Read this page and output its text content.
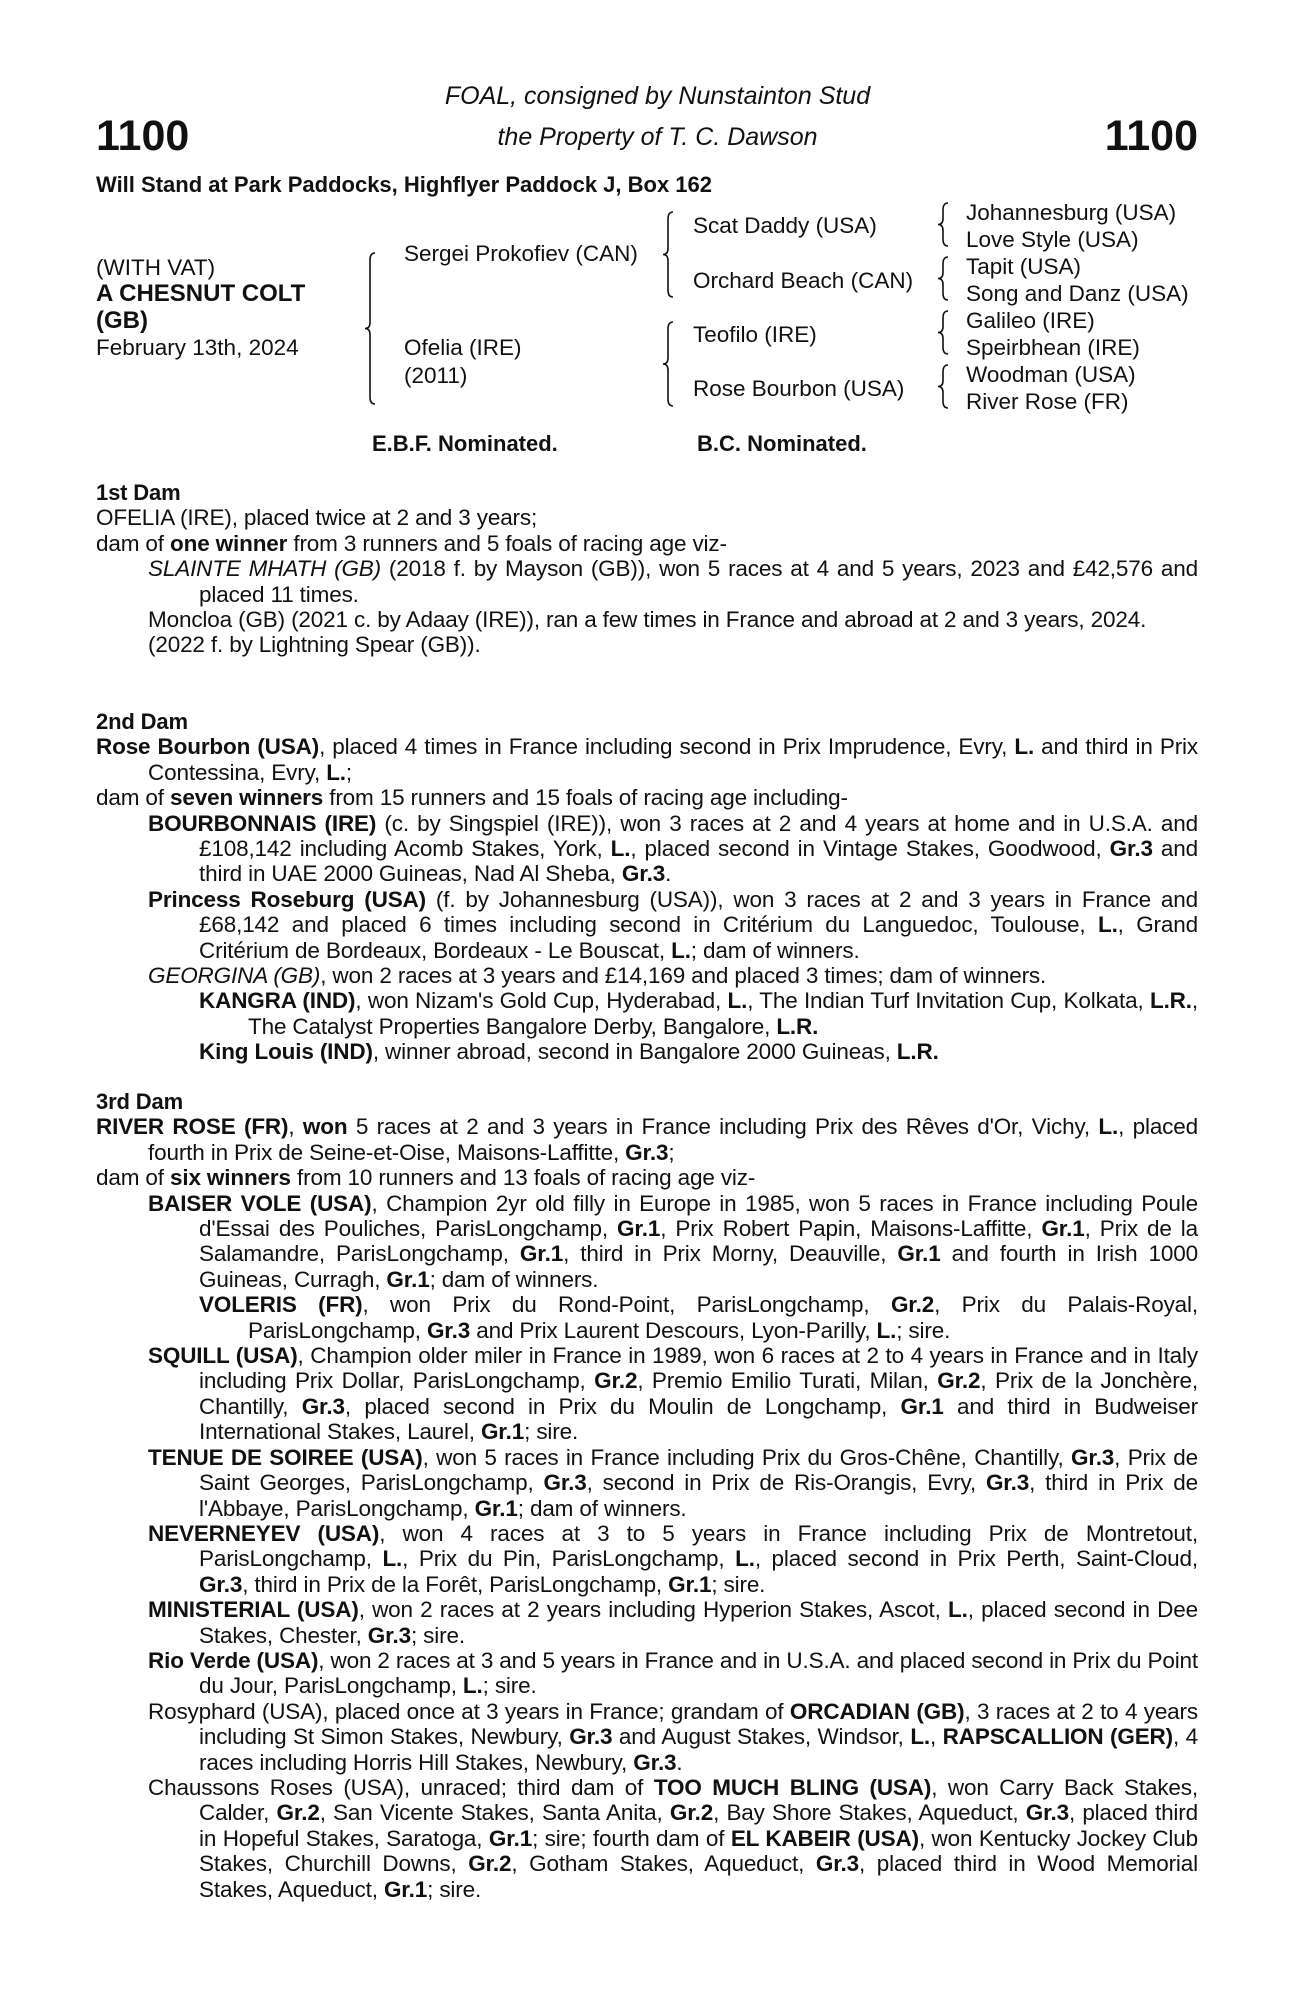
FOAL, consigned by Nunstainton Stud
the Property of T. C. Dawson
1100	1100
Will Stand at Park Paddocks, Highflyer Paddock J, Box 162
(WITH VAT)
A CHESNUT COLT
(GB)
February 13th, 2024
Sergei Prokofiev (CAN)
Ofelia (IRE)
(2011)
Scat Daddy (USA)
Orchard Beach (CAN)
Teofilo (IRE)
Rose Bourbon (USA)
Johannesburg (USA)
Love Style (USA)
Tapit (USA)
Song and Danz (USA)
Galileo (IRE)
Speirbhean (IRE)
Woodman (USA)
River Rose (FR)
E.B.F. Nominated.	B.C. Nominated.
1st Dam
OFELIA (IRE), placed twice at 2 and 3 years;
dam of one winner from 3 runners and 5 foals of racing age viz-
SLAINTE MHATH (GB) (2018 f. by Mayson (GB)), won 5 races at 4 and 5 years, 2023 and £42,576 and placed 11 times.
Moncloa (GB) (2021 c. by Adaay (IRE)), ran a few times in France and abroad at 2 and 3 years, 2024.
(2022 f. by Lightning Spear (GB)).
2nd Dam
Rose Bourbon (USA), placed 4 times in France including second in Prix Imprudence, Evry, L. and third in Prix Contessina, Evry, L.;
dam of seven winners from 15 runners and 15 foals of racing age including-
BOURBONNAIS (IRE) (c. by Singspiel (IRE)), won 3 races at 2 and 4 years at home and in U.S.A. and £108,142 including Acomb Stakes, York, L., placed second in Vintage Stakes, Goodwood, Gr.3 and third in UAE 2000 Guineas, Nad Al Sheba, Gr.3.
Princess Roseburg (USA) (f. by Johannesburg (USA)), won 3 races at 2 and 3 years in France and £68,142 and placed 6 times including second in Critérium du Languedoc, Toulouse, L., Grand Critérium de Bordeaux, Bordeaux - Le Bouscat, L.; dam of winners.
GEORGINA (GB), won 2 races at 3 years and £14,169 and placed 3 times; dam of winners.
KANGRA (IND), won Nizam's Gold Cup, Hyderabad, L., The Indian Turf Invitation Cup, Kolkata, L.R., The Catalyst Properties Bangalore Derby, Bangalore, L.R.
King Louis (IND), winner abroad, second in Bangalore 2000 Guineas, L.R.
3rd Dam
RIVER ROSE (FR), won 5 races at 2 and 3 years in France including Prix des Rêves d'Or, Vichy, L., placed fourth in Prix de Seine-et-Oise, Maisons-Laffitte, Gr.3;
dam of six winners from 10 runners and 13 foals of racing age viz-
BAISER VOLE (USA), Champion 2yr old filly in Europe in 1985, won 5 races in France including Poule d'Essai des Pouliches, ParisLongchamp, Gr.1, Prix Robert Papin, Maisons-Laffitte, Gr.1, Prix de la Salamandre, ParisLongchamp, Gr.1, third in Prix Morny, Deauville, Gr.1 and fourth in Irish 1000 Guineas, Curragh, Gr.1; dam of winners.
VOLERIS (FR), won Prix du Rond-Point, ParisLongchamp, Gr.2, Prix du Palais-Royal, ParisLongchamp, Gr.3 and Prix Laurent Descours, Lyon-Parilly, L.; sire.
SQUILL (USA), Champion older miler in France in 1989, won 6 races at 2 to 4 years in France and in Italy including Prix Dollar, ParisLongchamp, Gr.2, Premio Emilio Turati, Milan, Gr.2, Prix de la Jonchère, Chantilly, Gr.3, placed second in Prix du Moulin de Longchamp, Gr.1 and third in Budweiser International Stakes, Laurel, Gr.1; sire.
TENUE DE SOIREE (USA), won 5 races in France including Prix du Gros-Chêne, Chantilly, Gr.3, Prix de Saint Georges, ParisLongchamp, Gr.3, second in Prix de Ris-Orangis, Evry, Gr.3, third in Prix de l'Abbaye, ParisLongchamp, Gr.1; dam of winners.
NEVERNEYEV (USA), won 4 races at 3 to 5 years in France including Prix de Montretout, ParisLongchamp, L., Prix du Pin, ParisLongchamp, L., placed second in Prix Perth, Saint-Cloud, Gr.3, third in Prix de la Forêt, ParisLongchamp, Gr.1; sire.
MINISTERIAL (USA), won 2 races at 2 years including Hyperion Stakes, Ascot, L., placed second in Dee Stakes, Chester, Gr.3; sire.
Rio Verde (USA), won 2 races at 3 and 5 years in France and in U.S.A. and placed second in Prix du Point du Jour, ParisLongchamp, L.; sire.
Rosyphard (USA), placed once at 3 years in France; grandam of ORCADIAN (GB), 3 races at 2 to 4 years including St Simon Stakes, Newbury, Gr.3 and August Stakes, Windsor, L., RAPSCALLION (GER), 4 races including Horris Hill Stakes, Newbury, Gr.3.
Chaussons Roses (USA), unraced; third dam of TOO MUCH BLING (USA), won Carry Back Stakes, Calder, Gr.2, San Vicente Stakes, Santa Anita, Gr.2, Bay Shore Stakes, Aqueduct, Gr.3, placed third in Hopeful Stakes, Saratoga, Gr.1; sire; fourth dam of EL KABEIR (USA), won Kentucky Jockey Club Stakes, Churchill Downs, Gr.2, Gotham Stakes, Aqueduct, Gr.3, placed third in Wood Memorial Stakes, Aqueduct, Gr.1; sire.
